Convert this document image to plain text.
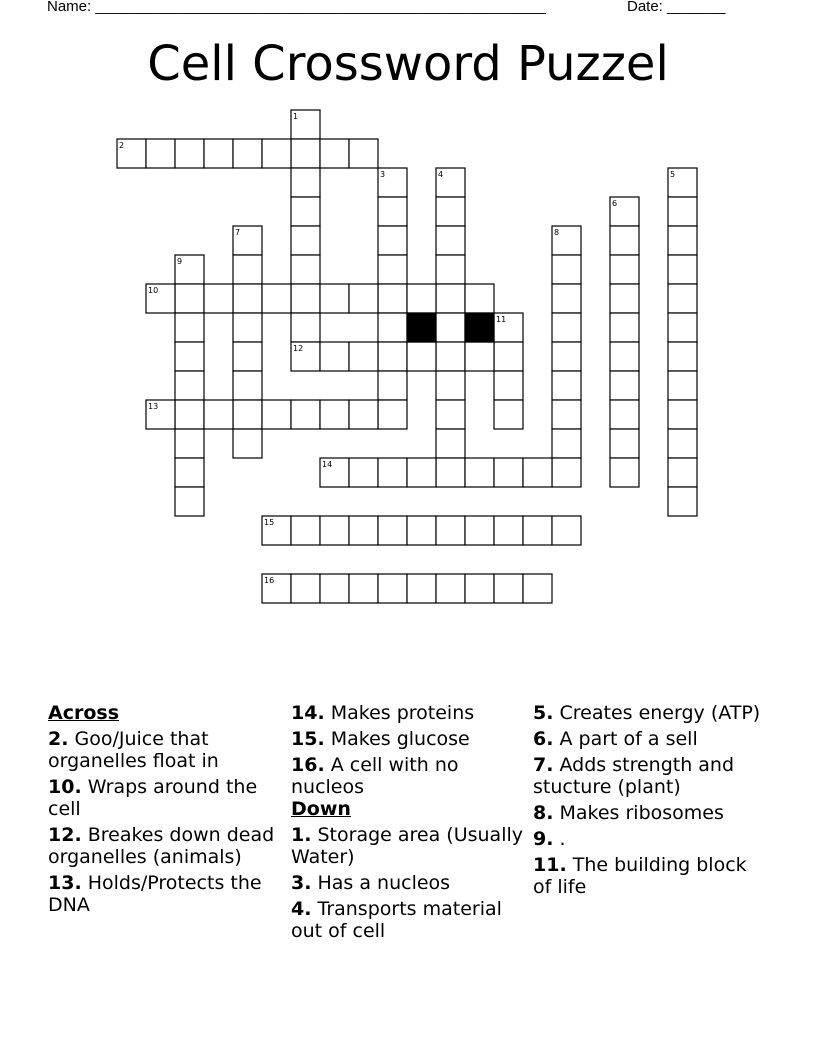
Name: ______________________________________________________	Date: _______
Cell Crossword Puzzel
1
2
3	4	5
6
7	8
9
10
11
12
13
14
15
16
Across
2. Goo/Juice that organelles float in
10. Wraps around the cell
12. Breakes down dead organelles (animals)
13. Holds/Protects the DNA
14. Makes proteins
15. Makes glucose
16. A cell with no nucleos
Down
1. Storage area (Usually Water)
3. Has a nucleos
4. Transports material out of cell
5. Creates energy (ATP)
6. A part of a sell
7. Adds strength and stucture (plant)
8. Makes ribosomes
9. .
11. The building block of life
